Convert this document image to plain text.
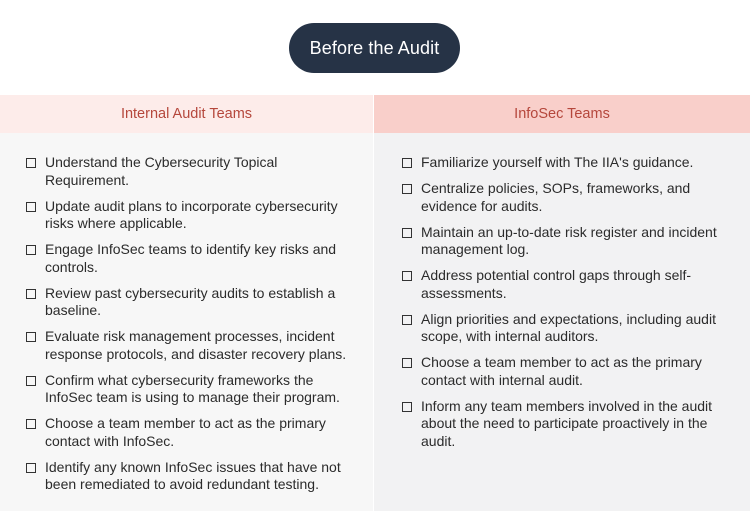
Before the Audit
Internal Audit Teams
Understand the Cybersecurity Topical Requirement.
Update audit plans to incorporate cybersecurity risks where applicable.
Engage InfoSec teams to identify key risks and controls.
Review past cybersecurity audits to establish a baseline.
Evaluate risk management processes, incident response protocols, and disaster recovery plans.
Confirm what cybersecurity frameworks the InfoSec team is using to manage their program.
Choose a team member to act as the primary contact with InfoSec.
Identify any known InfoSec issues that have not been remediated to avoid redundant testing.
InfoSec Teams
Familiarize yourself with The IIA's guidance.
Centralize policies, SOPs, frameworks, and evidence for audits.
Maintain an up-to-date risk register and incident management log.
Address potential control gaps through self-assessments.
Align priorities and expectations, including audit scope, with internal auditors.
Choose a team member to act as the primary contact with internal audit.
Inform any team members involved in the audit about the need to participate proactively in the audit.
